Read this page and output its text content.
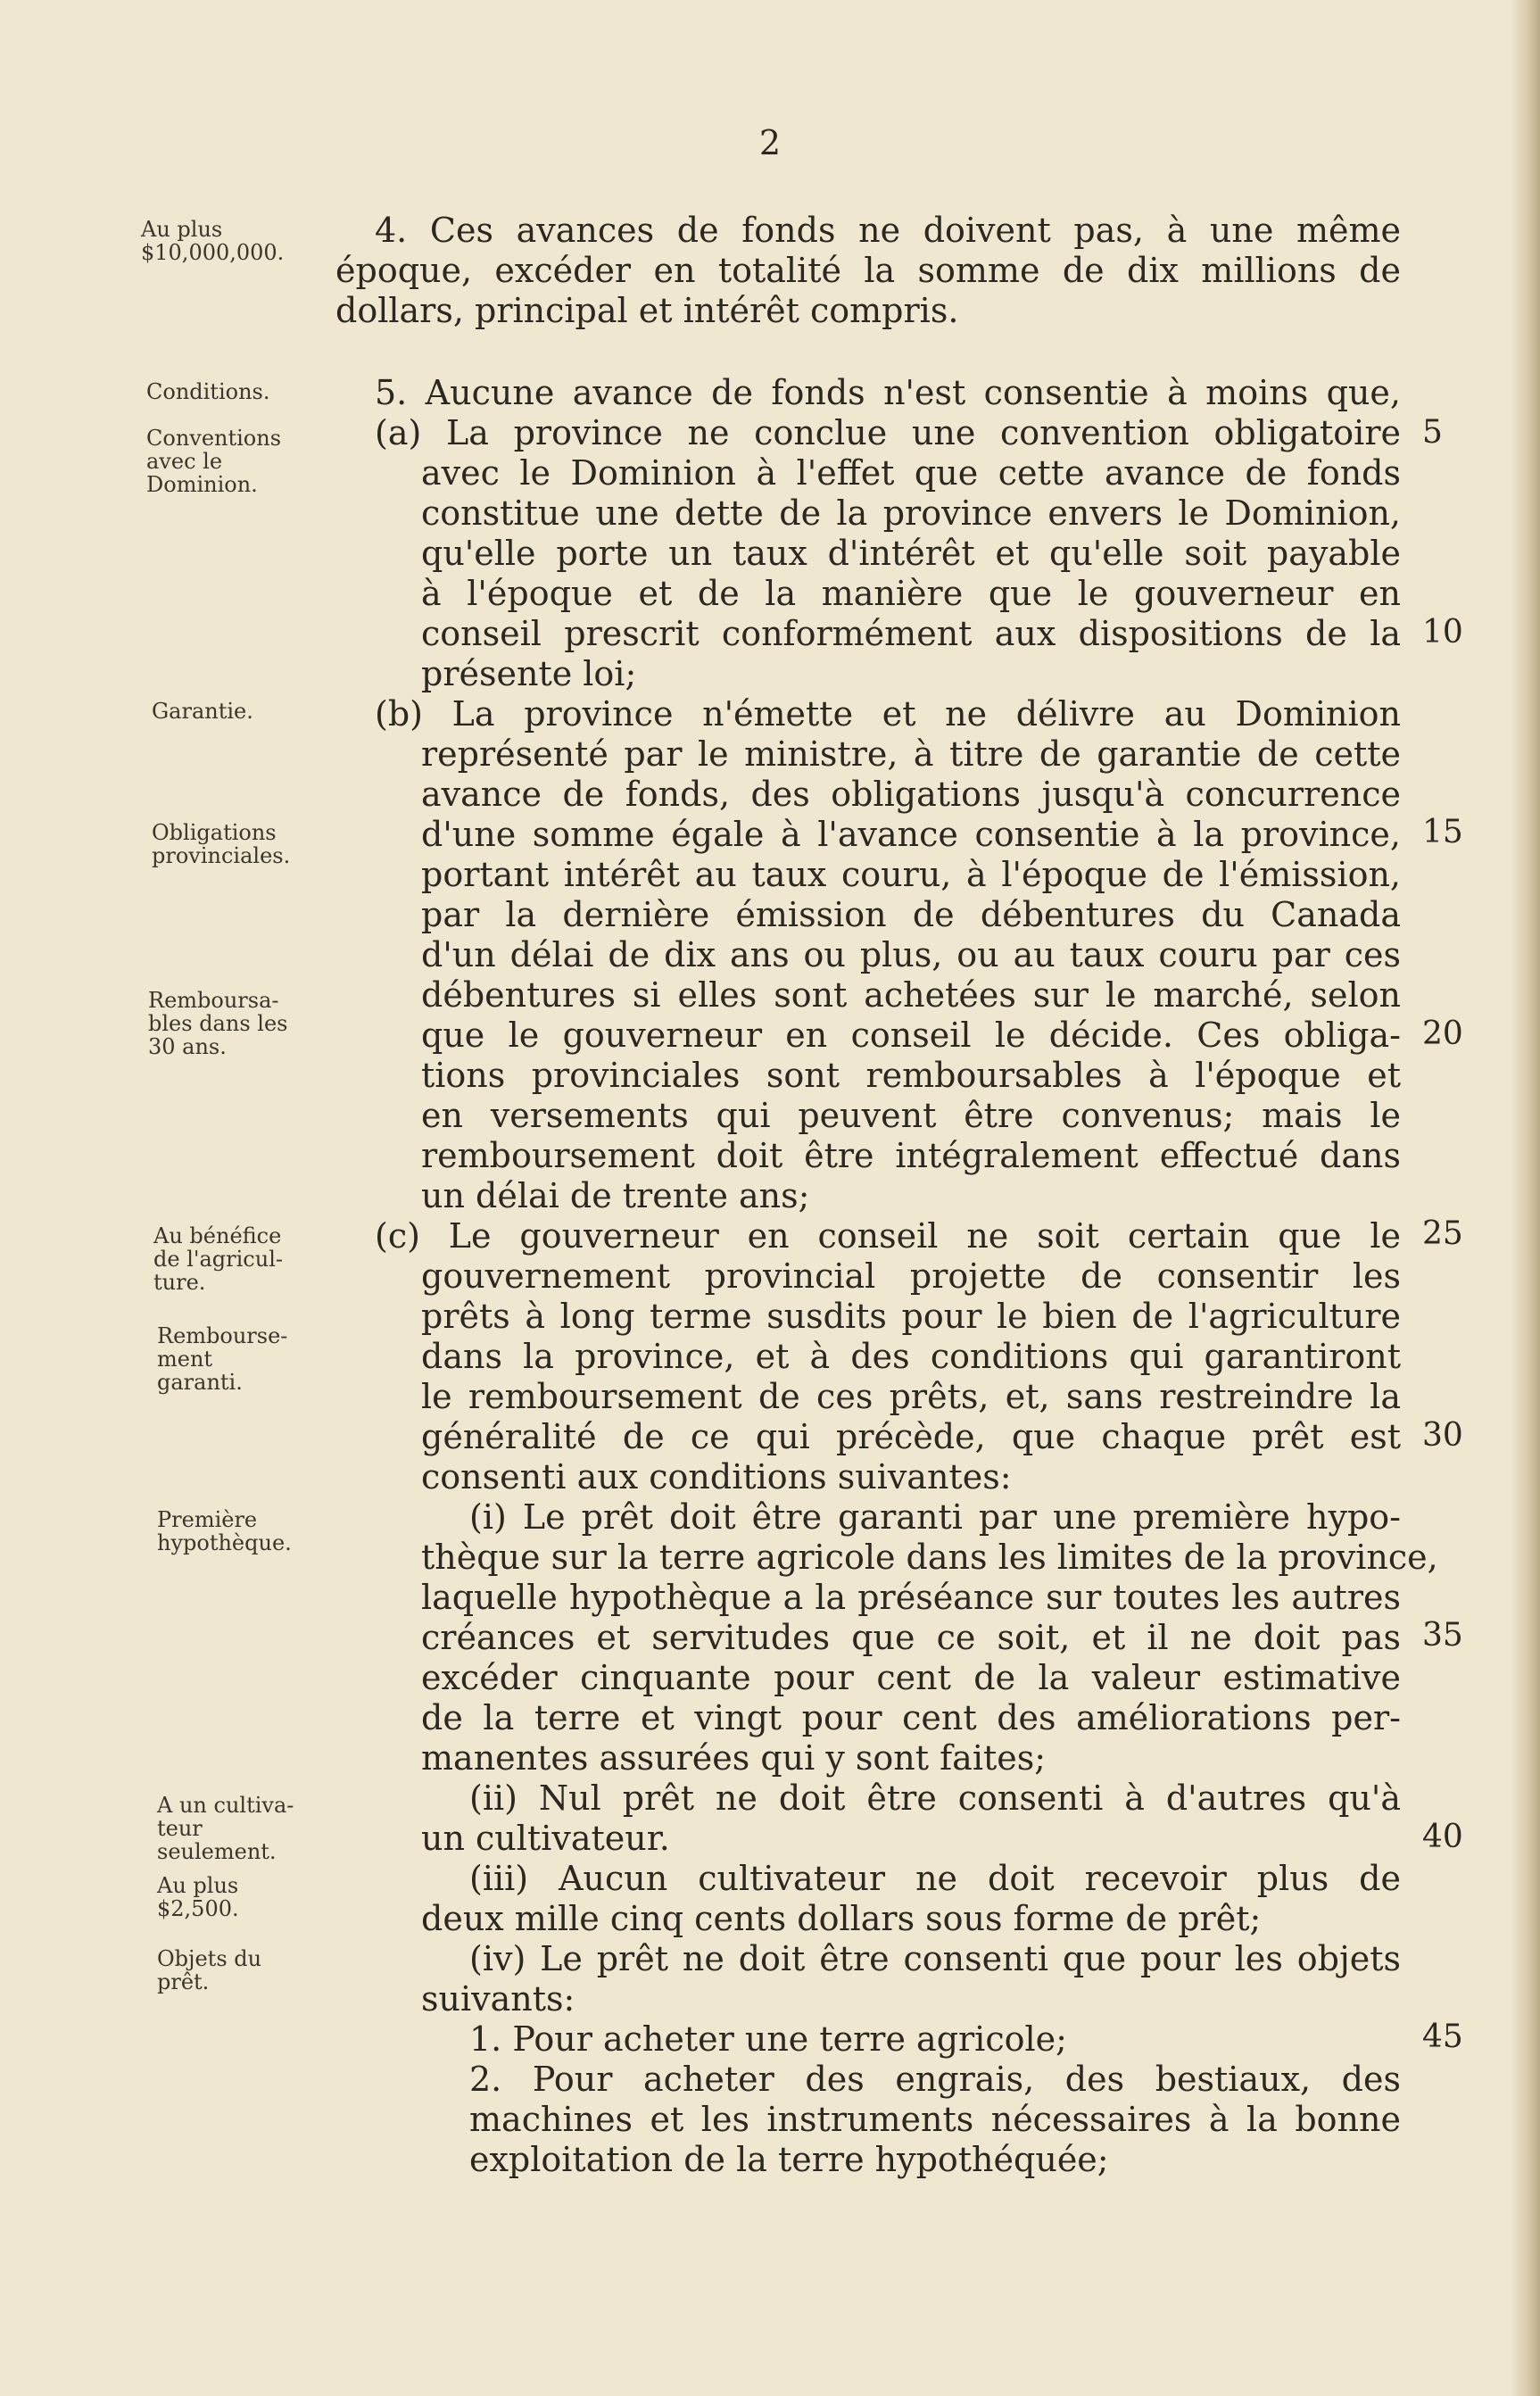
2
Au plus
$10,000,000.
Conditions.
Conventions
avec le
Dominion.
Garantie.
Obligations
provinciales.
Remboursa-
bles dans les
30 ans.
Au bénéfice
de l'agricul-
ture.
Rembourse-
ment
garanti.
Première
hypothèque.
A un cultiva-
teur
seulement.
Au plus
$2,500.
Objets du
prêt.
4. Ces avances de fonds ne doivent pas, à une même
époque, excéder en totalité la somme de dix millions de
dollars, principal et intérêt compris.
5. Aucune avance de fonds n'est consentie à moins que,
(a) La province ne conclue une convention obligatoire
avec le Dominion à l'effet que cette avance de fonds
constitue une dette de la province envers le Dominion,
qu'elle porte un taux d'intérêt et qu'elle soit payable
à l'époque et de la manière que le gouverneur en
conseil prescrit conformément aux dispositions de la
présente loi;
(b) La province n'émette et ne délivre au Dominion
représenté par le ministre, à titre de garantie de cette
avance de fonds, des obligations jusqu'à concurrence
d'une somme égale à l'avance consentie à la province,
portant intérêt au taux couru, à l'époque de l'émission,
par la dernière émission de débentures du Canada
d'un délai de dix ans ou plus, ou au taux couru par ces
débentures si elles sont achetées sur le marché, selon
que le gouverneur en conseil le décide. Ces obliga-
tions provinciales sont remboursables à l'époque et
en versements qui peuvent être convenus; mais le
remboursement doit être intégralement effectué dans
un délai de trente ans;
(c) Le gouverneur en conseil ne soit certain que le
gouvernement provincial projette de consentir les
prêts à long terme susdits pour le bien de l'agriculture
dans la province, et à des conditions qui garantiront
le remboursement de ces prêts, et, sans restreindre la
généralité de ce qui précède, que chaque prêt est
consenti aux conditions suivantes:
(i) Le prêt doit être garanti par une première hypo-
thèque sur la terre agricole dans les limites de la province,
laquelle hypothèque a la préséance sur toutes les autres
créances et servitudes que ce soit, et il ne doit pas
excéder cinquante pour cent de la valeur estimative
de la terre et vingt pour cent des améliorations per-
manentes assurées qui y sont faites;
(ii) Nul prêt ne doit être consenti à d'autres qu'à
un cultivateur.
(iii) Aucun cultivateur ne doit recevoir plus de
deux mille cinq cents dollars sous forme de prêt;
(iv) Le prêt ne doit être consenti que pour les objets
suivants:
1. Pour acheter une terre agricole;
2. Pour acheter des engrais, des bestiaux, des
machines et les instruments nécessaires à la bonne
exploitation de la terre hypothéquée;
5
10
15
20
25
30
35
40
45
